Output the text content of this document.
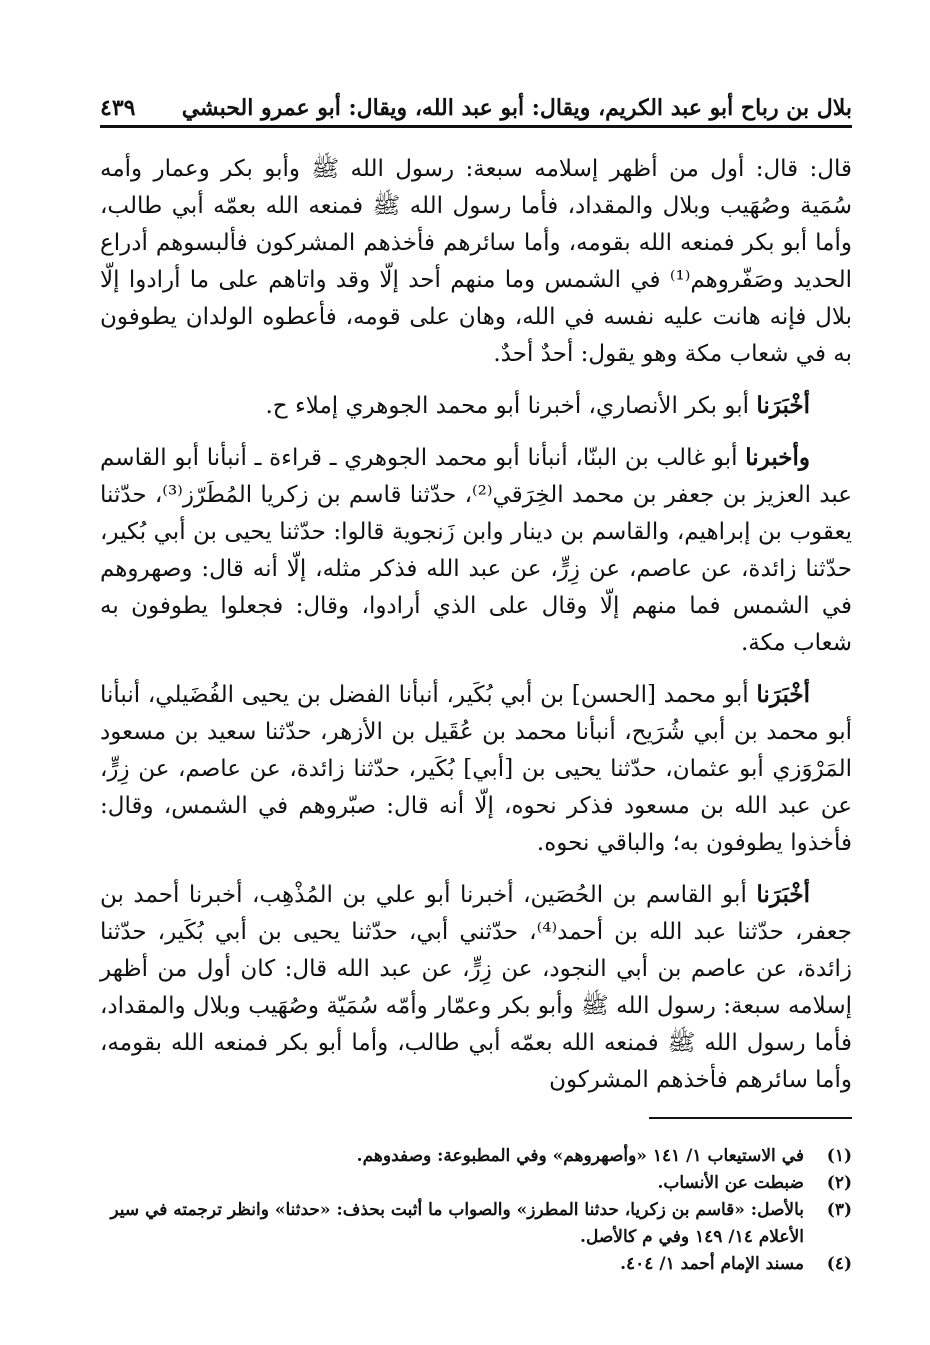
بلال بن رباح أبو عبد الكريم، ويقال: أبو عبد الله، ويقال: أبو عمرو الحبشي
٤٣٩

قال: قال: أول من أظهر إسلامه سبعة: رسول الله ﷺ وأبو بكر وعمار وأمه سُمَية وصُهَيب وبلال والمقداد، فأما رسول الله ﷺ فمنعه الله بعمّه أبي طالب، وأما أبو بكر فمنعه الله بقومه، وأما سائرهم فأخذهم المشركون فألبسوهم أدراع الحديد وصَفّروهم⁽¹⁾ في الشمس وما منهم أحد إلّا وقد واتاهم على ما أرادوا إلّا بلال فإنه هانت عليه نفسه في الله، وهان على قومه، فأعطوه الولدان يطوفون به في شعاب مكة وهو يقول: أحدٌ أحدٌ.

أخْبَرَنا أبو بكر الأنصاري، أخبرنا أبو محمد الجوهري إملاء ح.

وأخبرنا أبو غالب بن البنّا، أنبأنا أبو محمد الجوهري ـ قراءة ـ أنبأنا أبو القاسم عبد العزيز بن جعفر بن محمد الخِرَقي⁽²⁾، حدّثنا قاسم بن زكريا المُطَرّز⁽³⁾، حدّثنا يعقوب بن إبراهيم، والقاسم بن دينار وابن زَنجوية قالوا: حدّثنا يحيى بن أبي بُكير، حدّثنا زائدة، عن عاصم، عن زِرٍّ، عن عبد الله فذكر مثله، إلّا أنه قال: وصهروهم في الشمس فما منهم إلّا وقال على الذي أرادوا، وقال: فجعلوا يطوفون به شعاب مكة.

أخْبَرَنا أبو محمد [الحسن] بن أبي بُكَير، أنبأنا الفضل بن يحيى الفُضَيلي، أنبأنا أبو محمد بن أبي شُرَيح، أنبأنا محمد بن عُقَيل بن الأزهر، حدّثنا سعيد بن مسعود المَرْوَزي أبو عثمان، حدّثنا يحيى بن [أبي] بُكَير، حدّثنا زائدة، عن عاصم، عن زِرٍّ، عن عبد الله بن مسعود فذكر نحوه، إلّا أنه قال: صبّروهم في الشمس، وقال: فأخذوا يطوفون به؛ والباقي نحوه.

أخْبَرَنا أبو القاسم بن الحُصَين، أخبرنا أبو علي بن المُذْهِب، أخبرنا أحمد بن جعفر، حدّثنا عبد الله بن أحمد⁽⁴⁾، حدّثني أبي، حدّثنا يحيى بن أبي بُكَير، حدّثنا زائدة، عن عاصم بن أبي النجود، عن زِرٍّ، عن عبد الله قال: كان أول من أظهر إسلامه سبعة: رسول الله ﷺ وأبو بكر وعمّار وأمّه سُمَيّة وصُهَيب وبلال والمقداد، فأما رسول الله ﷺ فمنعه الله بعمّه أبي طالب، وأما أبو بكر فمنعه الله بقومه، وأما سائرهم فأخذهم المشركون

(١)
في الاستيعاب ١/ ١٤١ «وأصهروهم» وفي المطبوعة: وصفدوهم.
(٢)
ضبطت عن الأنساب.
(٣)
بالأصل: «قاسم بن زكريا، حدثنا المطرز» والصواب ما أثبت بحذف: «حدثنا» وانظر ترجمته في سير الأعلام ١٤/ ١٤٩ وفي م كالأصل.
(٤)
مسند الإمام أحمد ١/ ٤٠٤.
